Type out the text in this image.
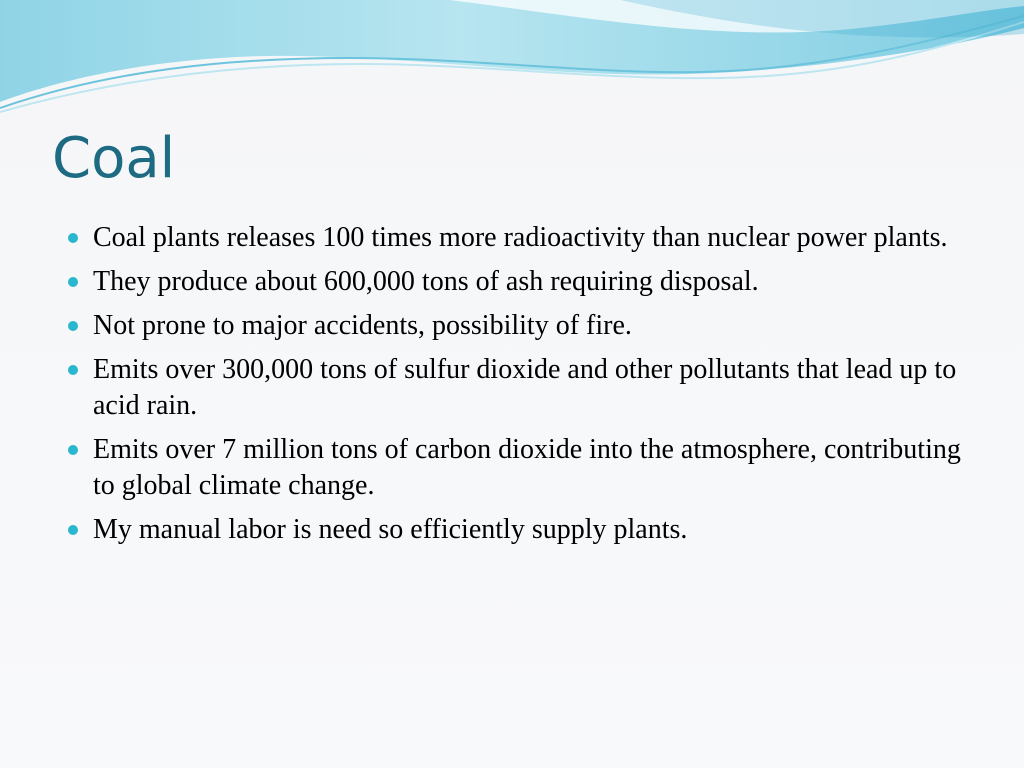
Coal
Coal plants releases 100 times more radioactivity than nuclear power plants.
They produce about 600,000 tons of ash requiring disposal.
Not prone to major accidents, possibility of fire.
Emits over 300,000 tons of sulfur dioxide and other pollutants that lead up to acid rain.
Emits over 7 million tons of carbon dioxide into the atmosphere, contributing to global climate change.
My manual labor is need so efficiently supply plants.
